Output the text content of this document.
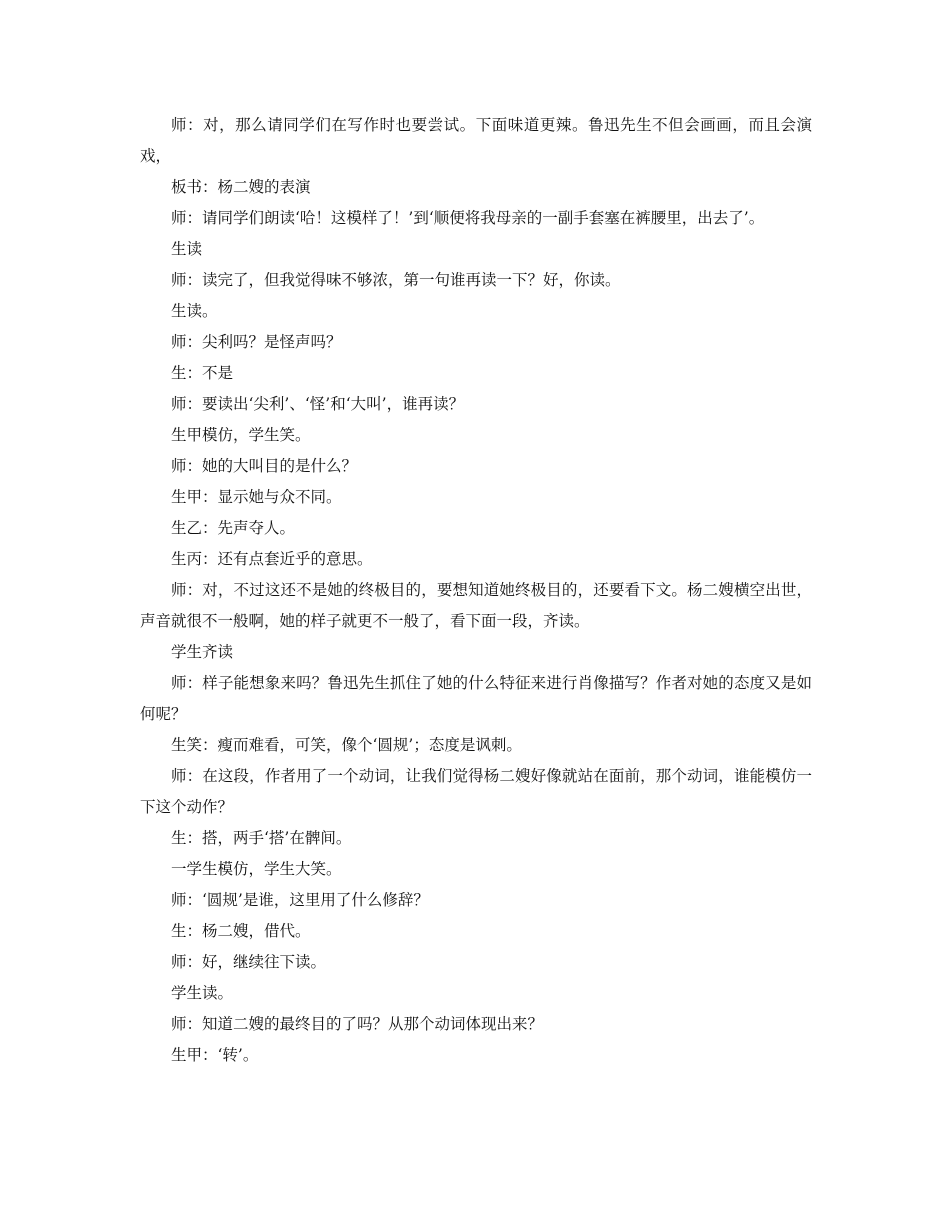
师：对，那么请同学们在写作时也要尝试。下面味道更辣。鲁迅先生不但会画画，而且会演戏，

板书：杨二嫂的表演

师：请同学们朗读‘哈！这模样了！’到‘顺便将我母亲的一副手套塞在裤腰里，出去了’。

生读

师：读完了，但我觉得味不够浓，第一句谁再读一下？好，你读。

生读。

师：尖利吗？是怪声吗？

生：不是

师：要读出‘尖利’、‘怪’和‘大叫’，谁再读？

生甲模仿，学生笑。

师：她的大叫目的是什么？

生甲：显示她与众不同。

生乙：先声夺人。

生丙：还有点套近乎的意思。

师：对，不过这还不是她的终极目的，要想知道她终极目的，还要看下文。杨二嫂横空出世，声音就很不一般啊，她的样子就更不一般了，看下面一段，齐读。

学生齐读

师：样子能想象来吗？鲁迅先生抓住了她的什么特征来进行肖像描写？作者对她的态度又是如何呢？

生笑：瘦而难看，可笑，像个‘圆规’；态度是讽刺。

师：在这段，作者用了一个动词，让我们觉得杨二嫂好像就站在面前，那个动词，谁能模仿一下这个动作？

生：搭，两手‘搭’在髀间。

一学生模仿，学生大笑。

师：‘圆规’是谁，这里用了什么修辞？

生：杨二嫂，借代。

师：好，继续往下读。

学生读。

师：知道二嫂的最终目的了吗？从那个动词体现出来？

生甲：‘转’。
